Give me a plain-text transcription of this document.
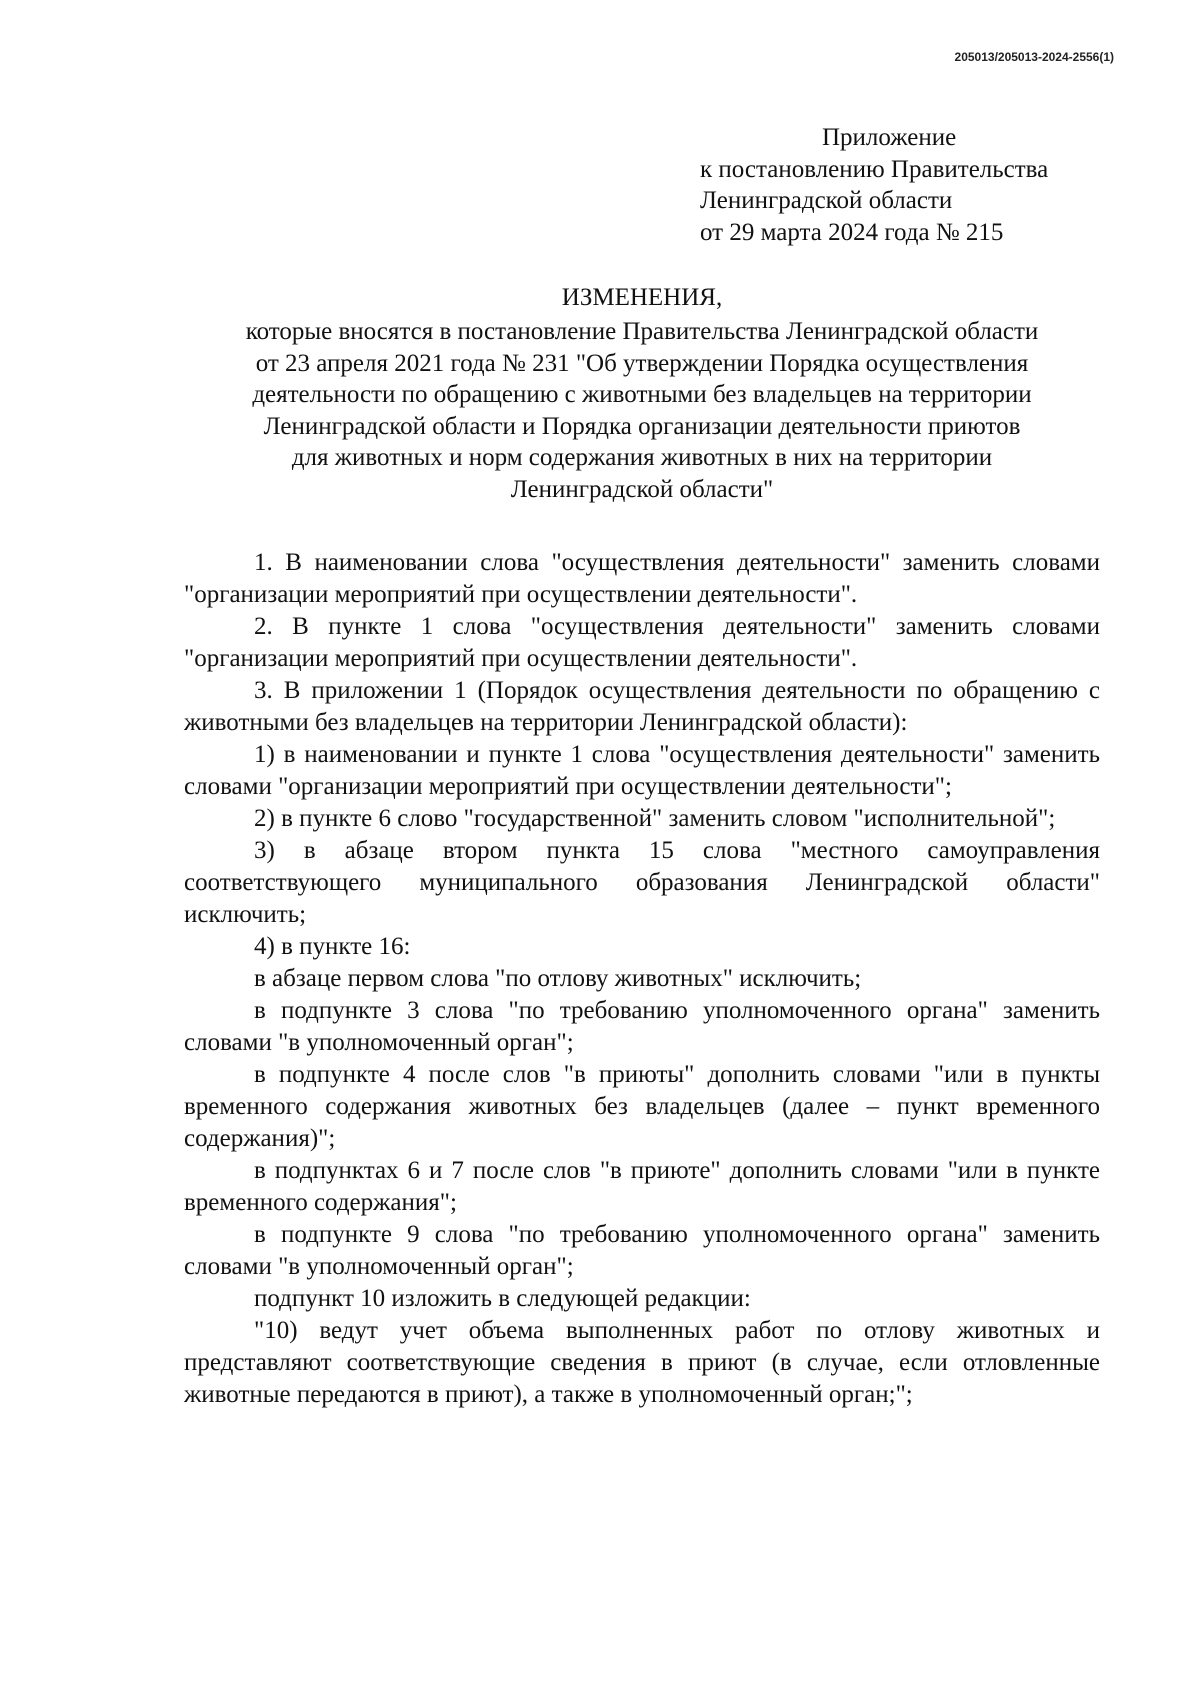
205013/205013-2024-2556(1)
Приложение
к постановлению Правительства
Ленинградской области
от 29 марта 2024 года № 215
ИЗМЕНЕНИЯ,
которые вносятся в постановление Правительства Ленинградской области
от 23 апреля 2021 года № 231 "Об утверждении Порядка осуществления
деятельности по обращению с животными без владельцев на территории
Ленинградской области и Порядка организации деятельности приютов
для животных и норм содержания животных в них на территории
Ленинградской области"

1. В наименовании слова "осуществления деятельности" заменить словами "организации мероприятий при осуществлении деятельности".

2. В пункте 1 слова "осуществления деятельности" заменить словами "организации мероприятий при осуществлении деятельности".

3. В приложении 1 (Порядок осуществления деятельности по обращению с животными без владельцев на территории Ленинградской области):

1) в наименовании и пункте 1 слова "осуществления деятельности" заменить словами "организации мероприятий при осуществлении деятельности";

2) в пункте 6 слово "государственной" заменить словом "исполнительной";

3) в абзаце втором пункта 15 слова "местного самоуправления соответствующего муниципального образования Ленинградской области" исключить;

4) в пункте 16:

в абзаце первом слова "по отлову животных" исключить;

в подпункте 3 слова "по требованию уполномоченного органа" заменить словами "в уполномоченный орган";

в подпункте 4 после слов "в приюты" дополнить словами "или в пункты временного содержания животных без владельцев (далее – пункт временного содержания)";

в подпунктах 6 и 7 после слов "в приюте" дополнить словами "или в пункте временного содержания";

в подпункте 9 слова "по требованию уполномоченного органа" заменить словами "в уполномоченный орган";

подпункт 10 изложить в следующей редакции:

"10) ведут учет объема выполненных работ по отлову животных и представляют соответствующие сведения в приют (в случае, если отловленные животные передаются в приют), а также в уполномоченный орган;";
